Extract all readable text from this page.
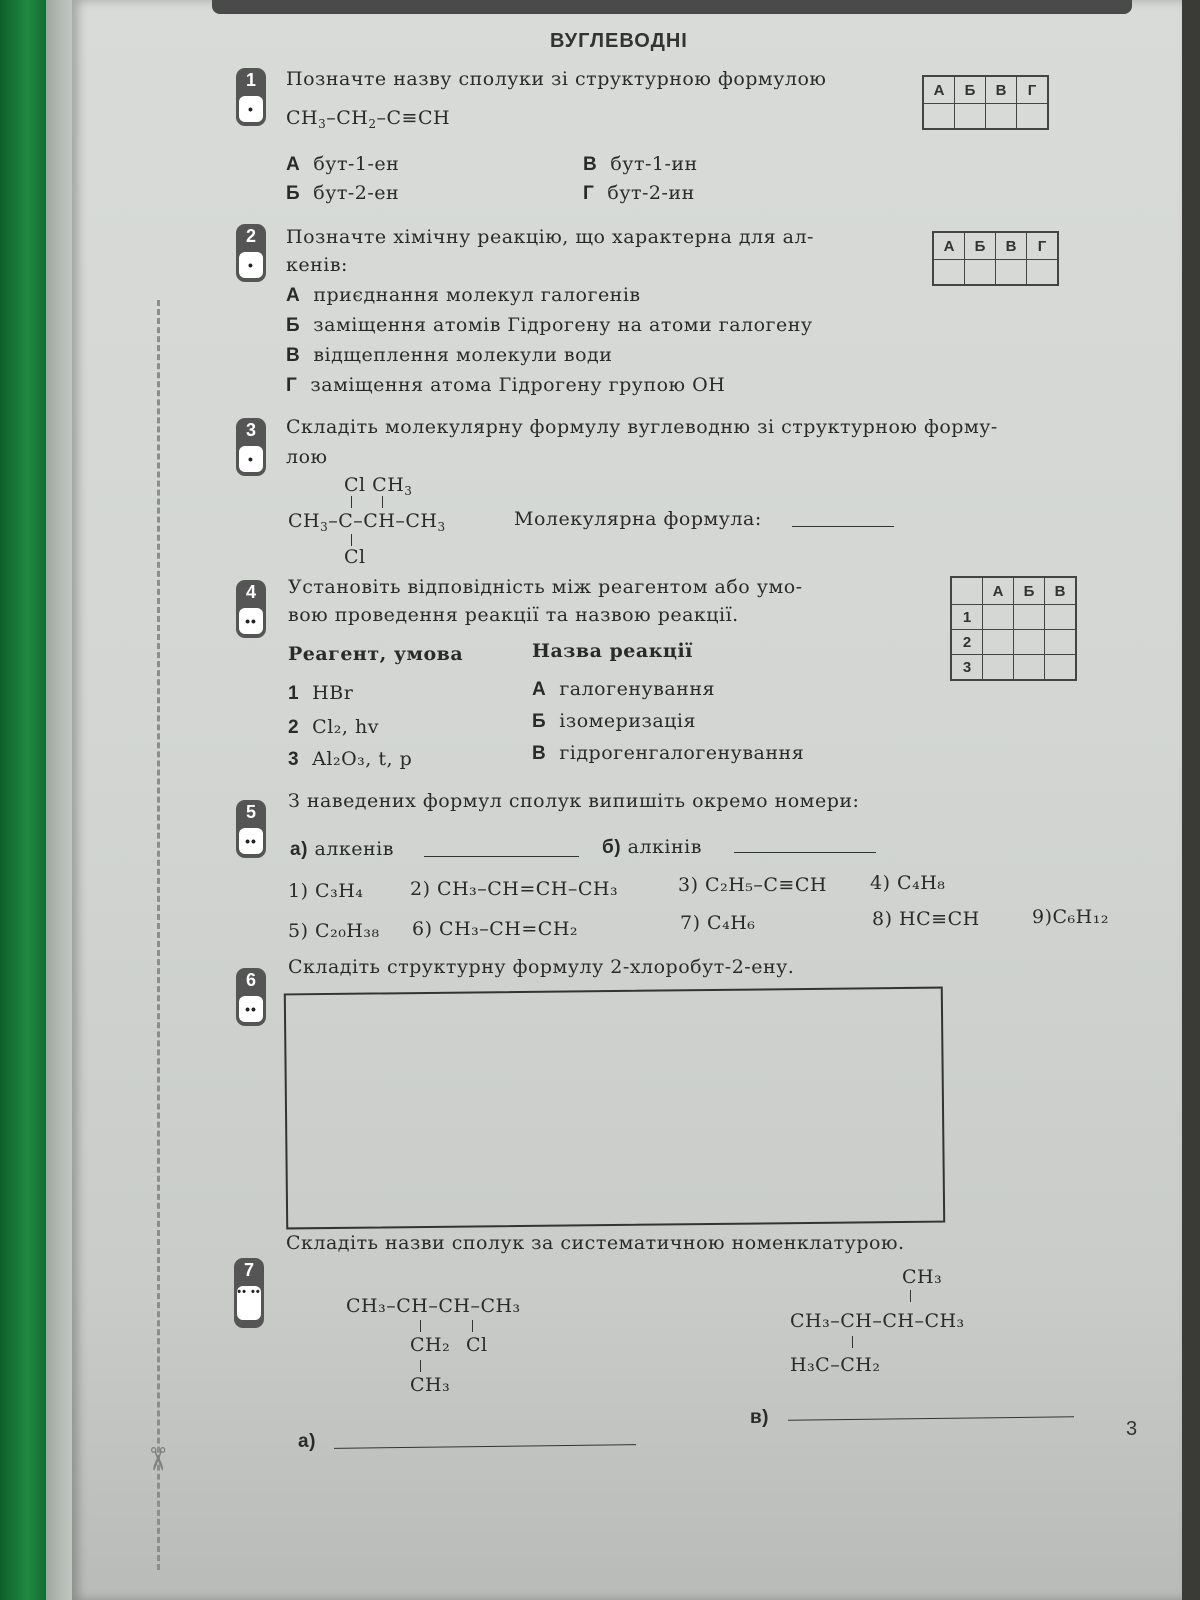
✂
ВУГЛЕВОДНІ
1
•
Позначте назву сполуки зі структурною формулою
$CH_3-CH_2-C\equiv CH$
А бут-1-ен
Б бут-2-ен
В бут-1-ин
Г бут-2-ин
А	Б	В	Г

2
•
Позначте хімічну реакцію, що характерна для ал-
кенів:
А приєднання молекул галогенів
Б заміщення атомів Гідрогену на атоми галогену
В відщеплення молекули води
Г заміщення атома Гідрогену групою OH
А	Б	В	Г

3
•
Складіть молекулярну формулу вуглеводню зі структурною форму-
лою
Cl $CH_3$
$CH_3-C-CH-CH_3$
Cl
Молекулярна формула:
4
••
Установіть відповідність між реагентом або умо-
вою проведення реакції та назвою реакції.
Реагент, умова	Назва реакції
1 HBr
2 Cl₂, hv
3 Al₂O₃, t, p
А галогенування
Б ізомеризація
В гідрогенгалогенування
	А	Б	В
1			
2			
3			
5
••
З наведених формул сполук випишіть окремо номери:
а) алкенів	б) алкінів
1) C₃H₄ 2) CH₃–CH=CH–CH₃	3) C₂H₅–C≡CH 4) C₄H₈
5) C₂₀H₃₈ 6) CH₃–CH=CH₂	7) C₄H₆	8) HC≡CH	9)C₆H₁₂
6
••
Складіть структурну формулу 2-хлоробут-2-ену.
7
•• ••
Складіть назви сполук за систематичною номенклатурою.
CH₃–CH–CH–CH₃
CH₂ Cl
CH₃
CH₃
CH₃–CH–CH–CH₃
H₃C–CH₂
а)
в)
3
